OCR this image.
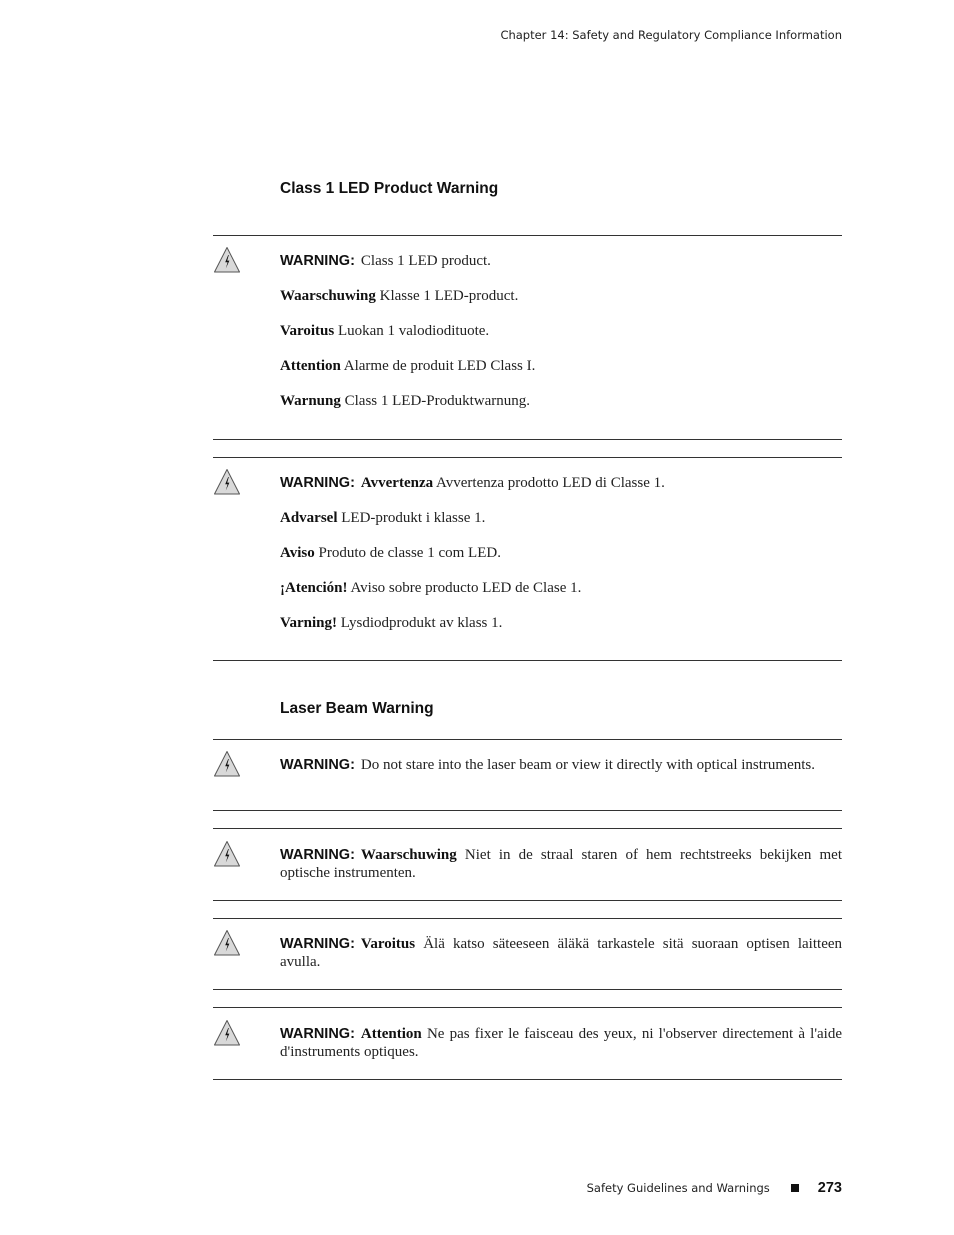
Chapter 14: Safety and Regulatory Compliance Information
Class 1 LED Product Warning
WARNING: Class 1 LED product.
Waarschuwing Klasse 1 LED-product.
Varoitus Luokan 1 valodiodituote.
Attention Alarme de produit LED Class I.
Warnung Class 1 LED-Produktwarnung.
WARNING: Avvertenza Avvertenza prodotto LED di Classe 1.
Advarsel LED-produkt i klasse 1.
Aviso Produto de classe 1 com LED.
¡Atención! Aviso sobre producto LED de Clase 1.
Varning! Lysdiodprodukt av klass 1.
Laser Beam Warning
WARNING: Do not stare into the laser beam or view it directly with optical instruments.
WARNING: Waarschuwing Niet in de straal staren of hem rechtstreeks bekijken met optische instrumenten.
WARNING: Varoitus Älä katso säteeseen äläkä tarkastele sitä suoraan optisen laitteen avulla.
WARNING: Attention Ne pas fixer le faisceau des yeux, ni l'observer directement à l'aide d'instruments optiques.
Safety Guidelines and Warnings	273
